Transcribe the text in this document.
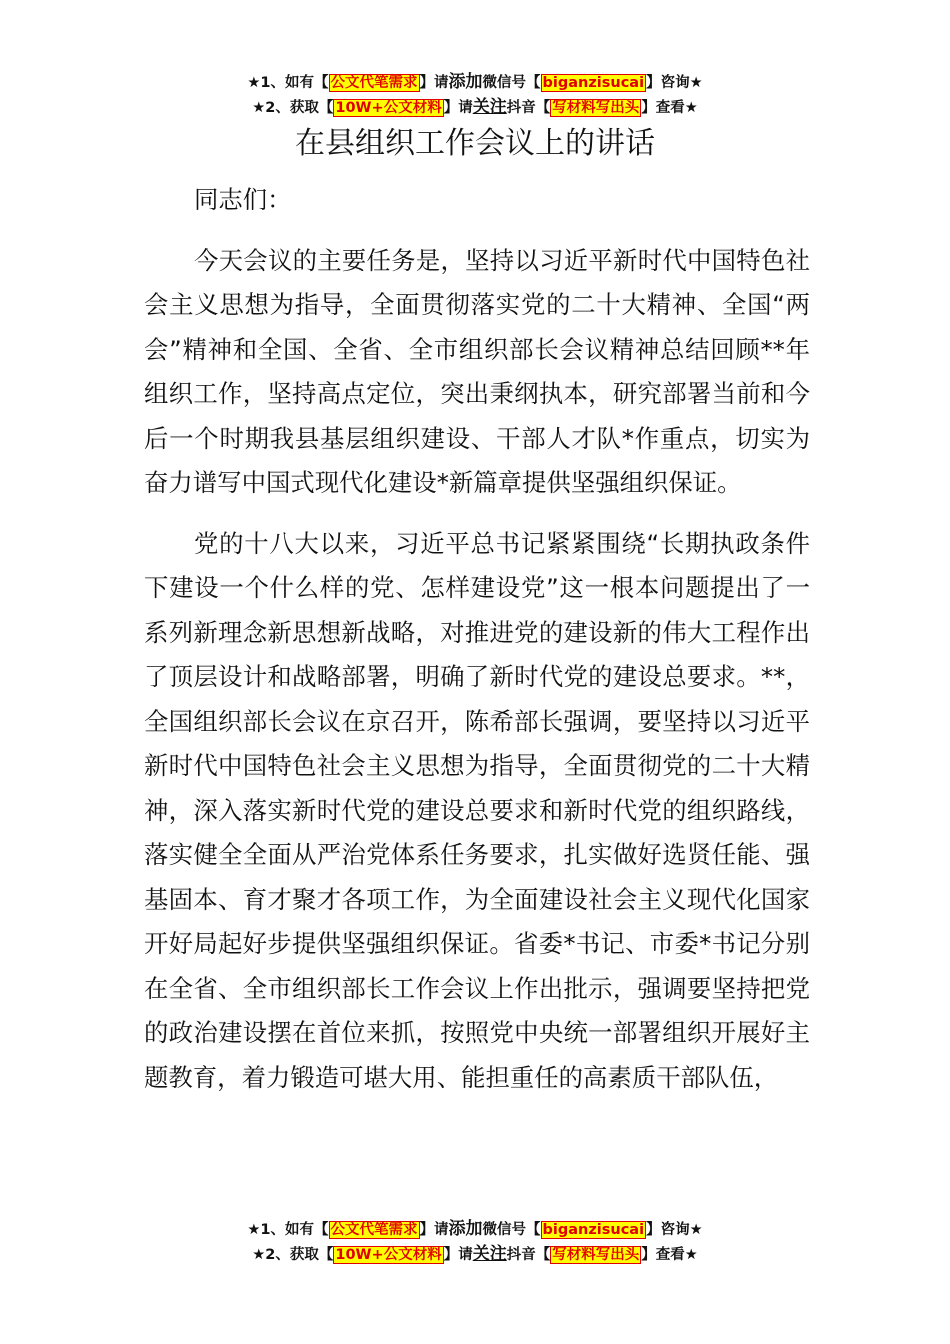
★1、如有【 公文代笔需求 】请添加微信号【 biganzisucai 】咨询★
★2、获取【 10W+公文材料 】请关注抖音【 写材料写出头 】查看★
在县组织工作会议上的讲话

同志们：

今天会议的主要任务是，坚持以习近平新时代中国特色社会主义思想为指导，全面贯彻落实党的二十大精神、全国“两会”精神和全国、全省、全市组织部长会议精神总结回顾**年组织工作，坚持高点定位，突出秉纲执本，研究部署当前和今后一个时期我县基层组织建设、干部人才队*作重点，切实为奋力谱写中国式现代化建设*新篇章提供坚强组织保证。

党的十八大以来，习近平总书记紧紧围绕“长期执政条件下建设一个什么样的党、怎样建设党”这一根本问题提出了一系列新理念新思想新战略，对推进党的建设新的伟大工程作出了顶层设计和战略部署，明确了新时代党的建设总要求。**，全国组织部长会议在京召开，陈希部长强调，要坚持以习近平新时代中国特色社会主义思想为指导，全面贯彻党的二十大精神，深入落实新时代党的建设总要求和新时代党的组织路线，落实健全全面从严治党体系任务要求，扎实做好选贤任能、强基固本、育才聚才各项工作，为全面建设社会主义现代化国家开好局起好步提供坚强组织保证。省委*书记、市委*书记分别在全省、全市组织部长工作会议上作出批示，强调要坚持把党的政治建设摆在首位来抓，按照党中央统一部署组织开展好主题教育，着力锻造可堪大用、能担重任的高素质干部队伍，

★1、如有【 公文代笔需求 】请添加微信号【 biganzisucai 】咨询★
★2、获取【 10W+公文材料 】请关注抖音【 写材料写出头 】查看★
